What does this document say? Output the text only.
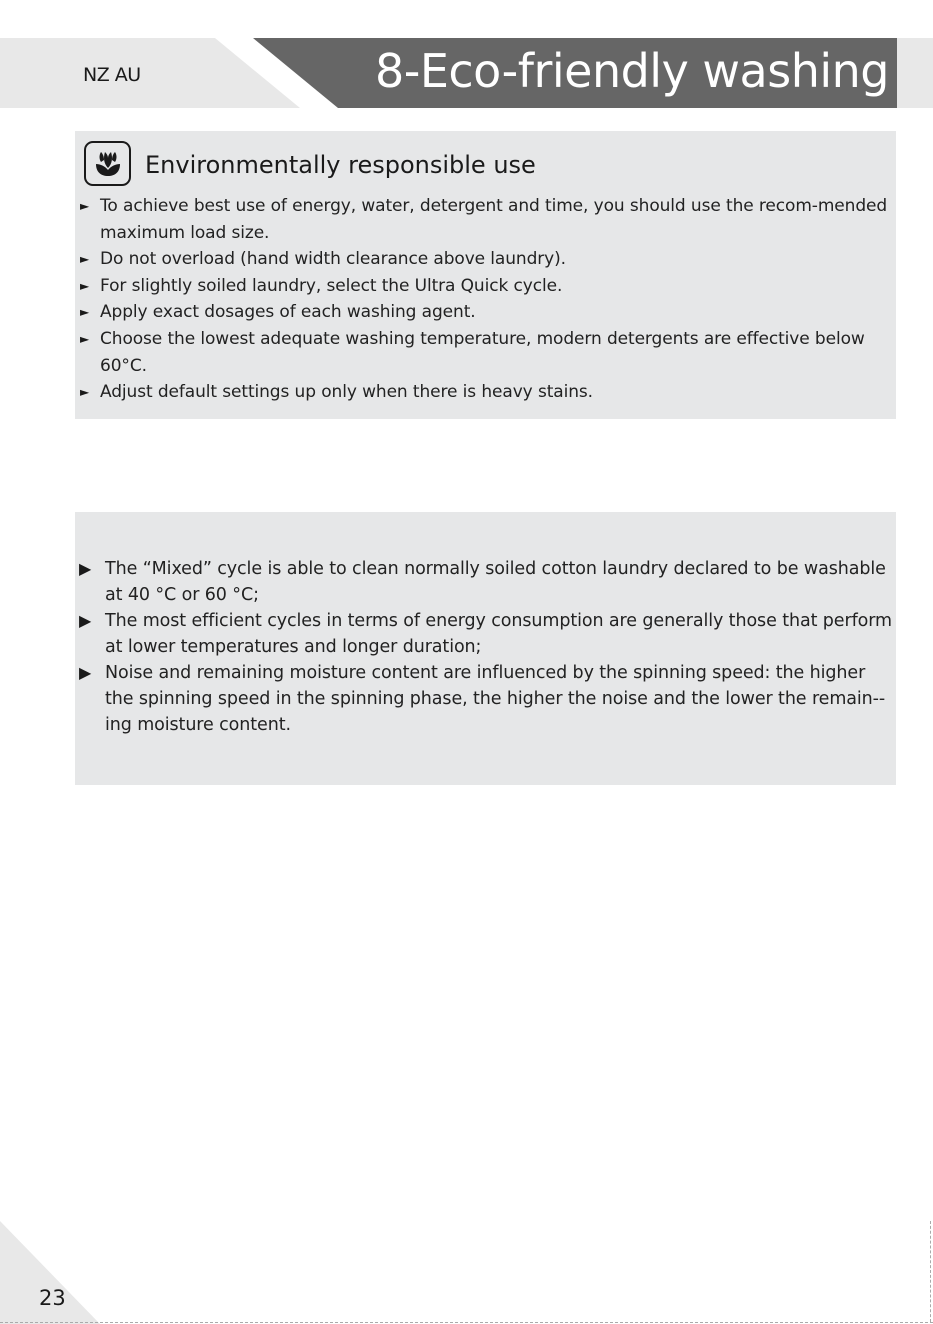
NZ AU	8-Eco-friendly washing
Environmentally responsible use
► To achieve best use of energy, water, detergent and time, you should use the recom-mended maximum load size.
► Do not overload (hand width clearance above laundry).
► For slightly soiled laundry, select the Ultra Quick cycle.
► Apply exact dosages of each washing agent.
► Choose the lowest adequate washing temperature, modern detergents are effective below 60°C.
► Adjust default settings up only when there is heavy stains.
▶ The “Mixed” cycle is able to clean normally soiled cotton laundry declared to be washable at 40 °C or 60 °C;
▶ The most efficient cycles in terms of energy consumption are generally those that perform at lower temperatures and longer duration;
▶ Noise and remaining moisture content are influenced by the spinning speed: the higher the spinning speed in the spinning phase, the higher the noise and the lower the remain-ing moisture content.
23
